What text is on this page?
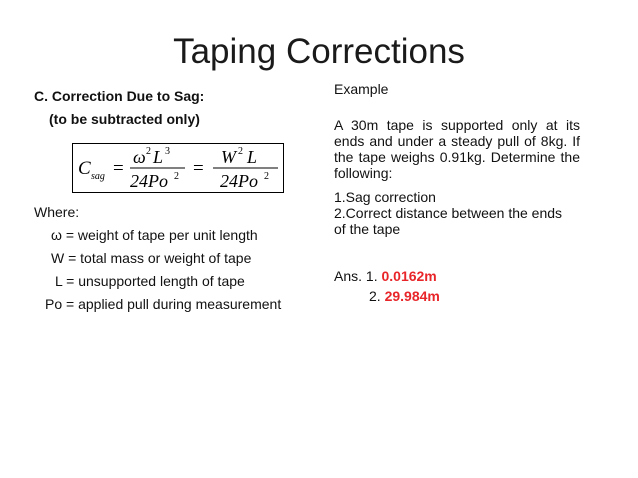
Taping Corrections
C. Correction Due to Sag:
(to be subtracted only)
C sag =
ω 2 L 3
24Po 2 =
W 2 L
24Po 2
Where:
ω = weight of tape per unit length
W = total mass or weight of tape
L = unsupported length of tape
Po = applied pull during measurement
Example
A 30m tape is supported only at its ends and under a steady pull of 8kg. If the tape weighs 0.91kg. Determine the following:
1.Sag correction
2.Correct distance between the ends
of the tape
Ans. 1. 0.0162m
2. 29.984m
